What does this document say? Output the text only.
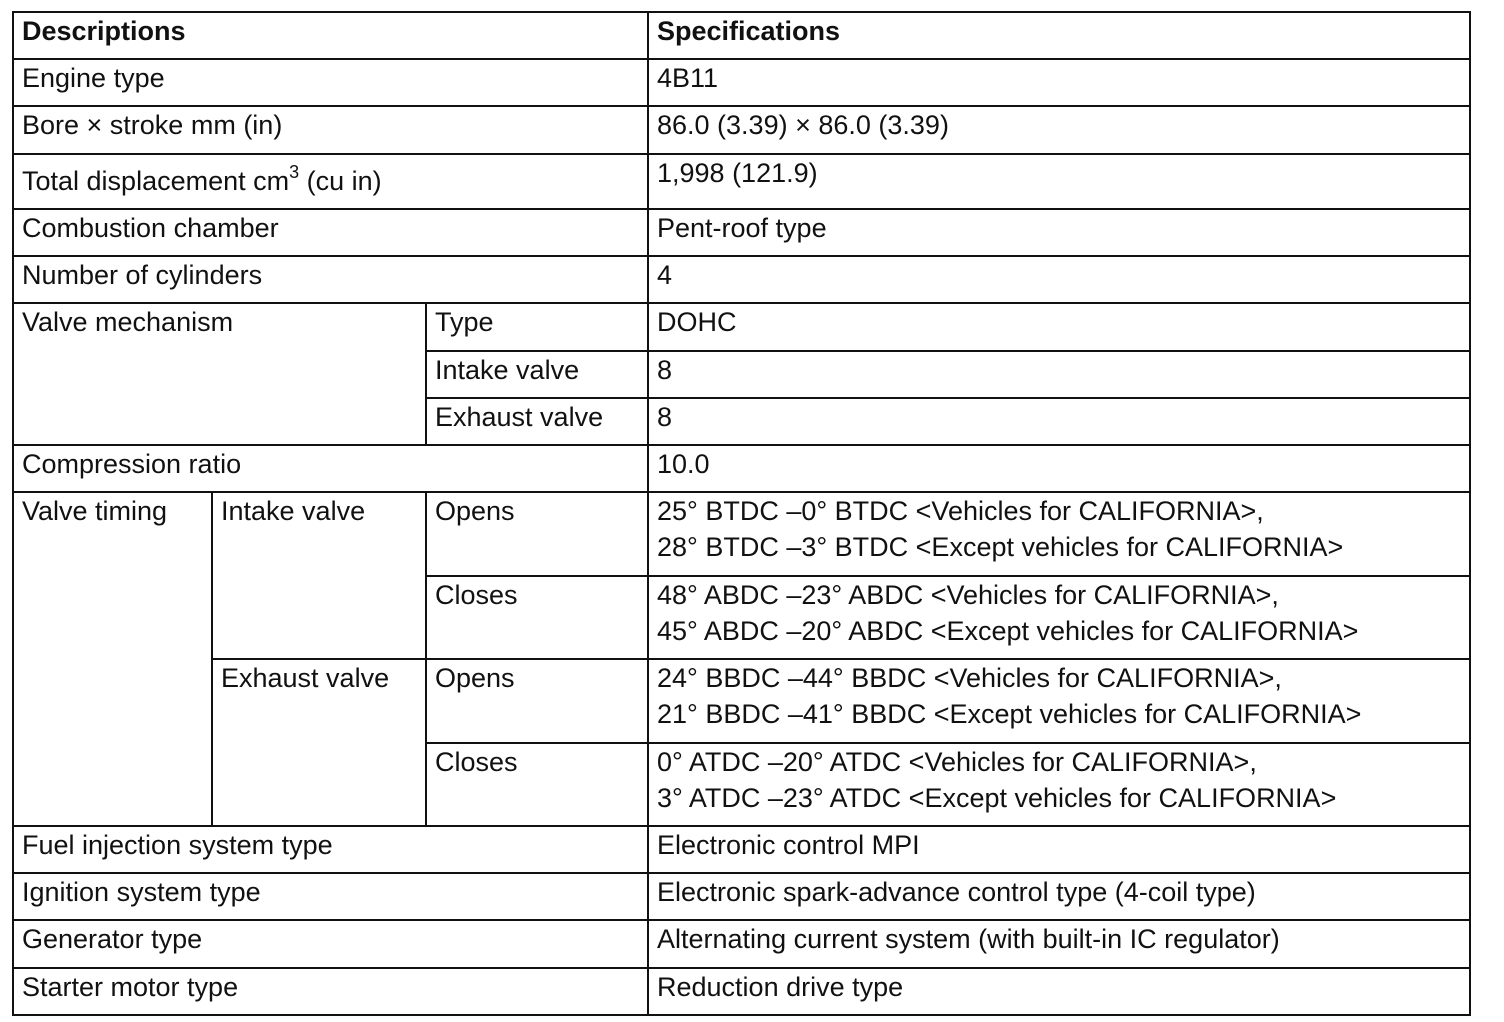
Descriptions			Specifications
Engine type			4B11
Bore × stroke mm (in)			86.0 (3.39) × 86.0 (3.39)
Total displacement $cm^3$ (cu in)			1,998 (121.9)
Combustion chamber			Pent-roof type
Number of cylinders			4
Valve mechanism		Type	DOHC
		Intake valve	8
		Exhaust valve	8
Compression ratio			10.0
Valve timing	Intake valve	Opens	25° BTDC –0° BTDC <Vehicles for CALIFORNIA>,
28° BTDC –3° BTDC <Except vehicles for CALIFORNIA>

		Closes	48° ABDC –23° ABDC <Vehicles for CALIFORNIA>,
45° ABDC –20° ABDC <Except vehicles for CALIFORNIA>

	Exhaust valve	Opens	24° BBDC –44° BBDC <Vehicles for CALIFORNIA>,
21° BBDC –41° BBDC <Except vehicles for CALIFORNIA>

		Closes	0° ATDC –20° ATDC <Vehicles for CALIFORNIA>,
3° ATDC –23° ATDC <Except vehicles for CALIFORNIA>

Fuel injection system type			Electronic control MPI
Ignition system type			Electronic spark-advance control type (4-coil type)
Generator type			Alternating current system (with built-in IC regulator)
Starter motor type			Reduction drive type
